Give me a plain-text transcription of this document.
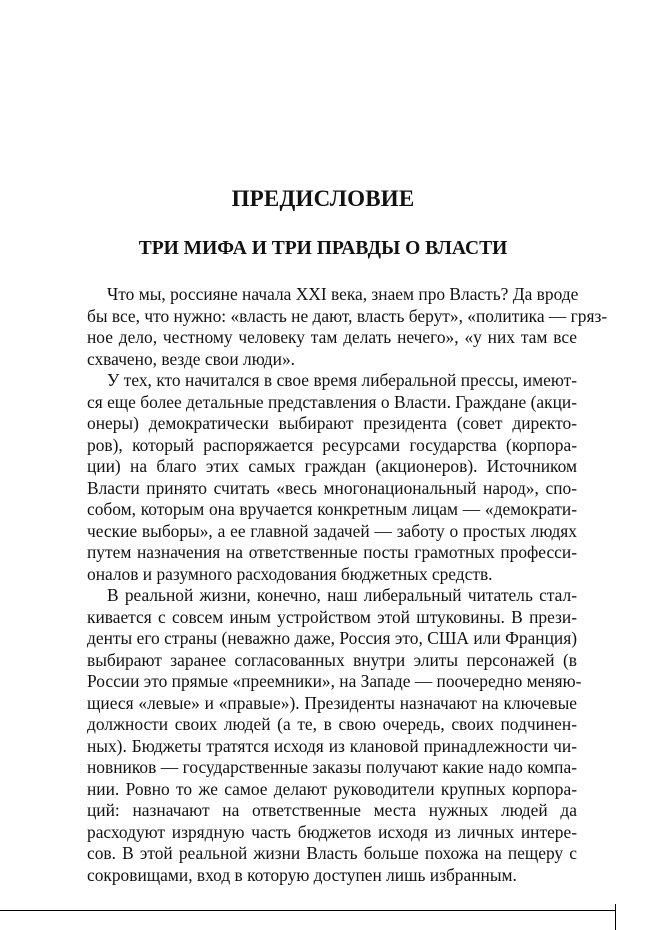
ПРЕДИСЛОВИЕ
ТРИ МИФА И ТРИ ПРАВДЫ О ВЛАСТИ
Что мы, россияне начала XXI века, знаем про Власть? Да вроде
бы все, что нужно: «власть не дают, власть берут», «политика — гряз-
ное дело, честному человеку там делать нечего», «у них там все
схвачено, везде свои люди».
У тех, кто начитался в свое время либеральной прессы, имеют-
ся еще более детальные представления о Власти. Граждане (акци-
онеры) демократически выбирают президента (совет директо-
ров), который распоряжается ресурсами государства (корпора-
ции) на благо этих самых граждан (акционеров). Источником
Власти принято считать «весь многонациональный народ», спо-
собом, которым она вручается конкретным лицам — «демократи-
ческие выборы», а ее главной задачей — заботу о простых людях
путем назначения на ответственные посты грамотных професси-
оналов и разумного расходования бюджетных средств.
В реальной жизни, конечно, наш либеральный читатель стал-
кивается с совсем иным устройством этой штуковины. В прези-
денты его страны (неважно даже, Россия это, США или Франция)
выбирают заранее согласованных внутри элиты персонажей (в
России это прямые «преемники», на Западе — поочередно меняю-
щиеся «левые» и «правые»). Президенты назначают на ключевые
должности своих людей (а те, в свою очередь, своих подчинен-
ных). Бюджеты тратятся исходя из клановой принадлежности чи-
новников — государственные заказы получают какие надо компа-
нии. Ровно то же самое делают руководители крупных корпора-
ций: назначают на ответственные места нужных людей да
расходуют изрядную часть бюджетов исходя из личных интере-
сов. В этой реальной жизни Власть больше похожа на пещеру с
сокровищами, вход в которую доступен лишь избранным.
